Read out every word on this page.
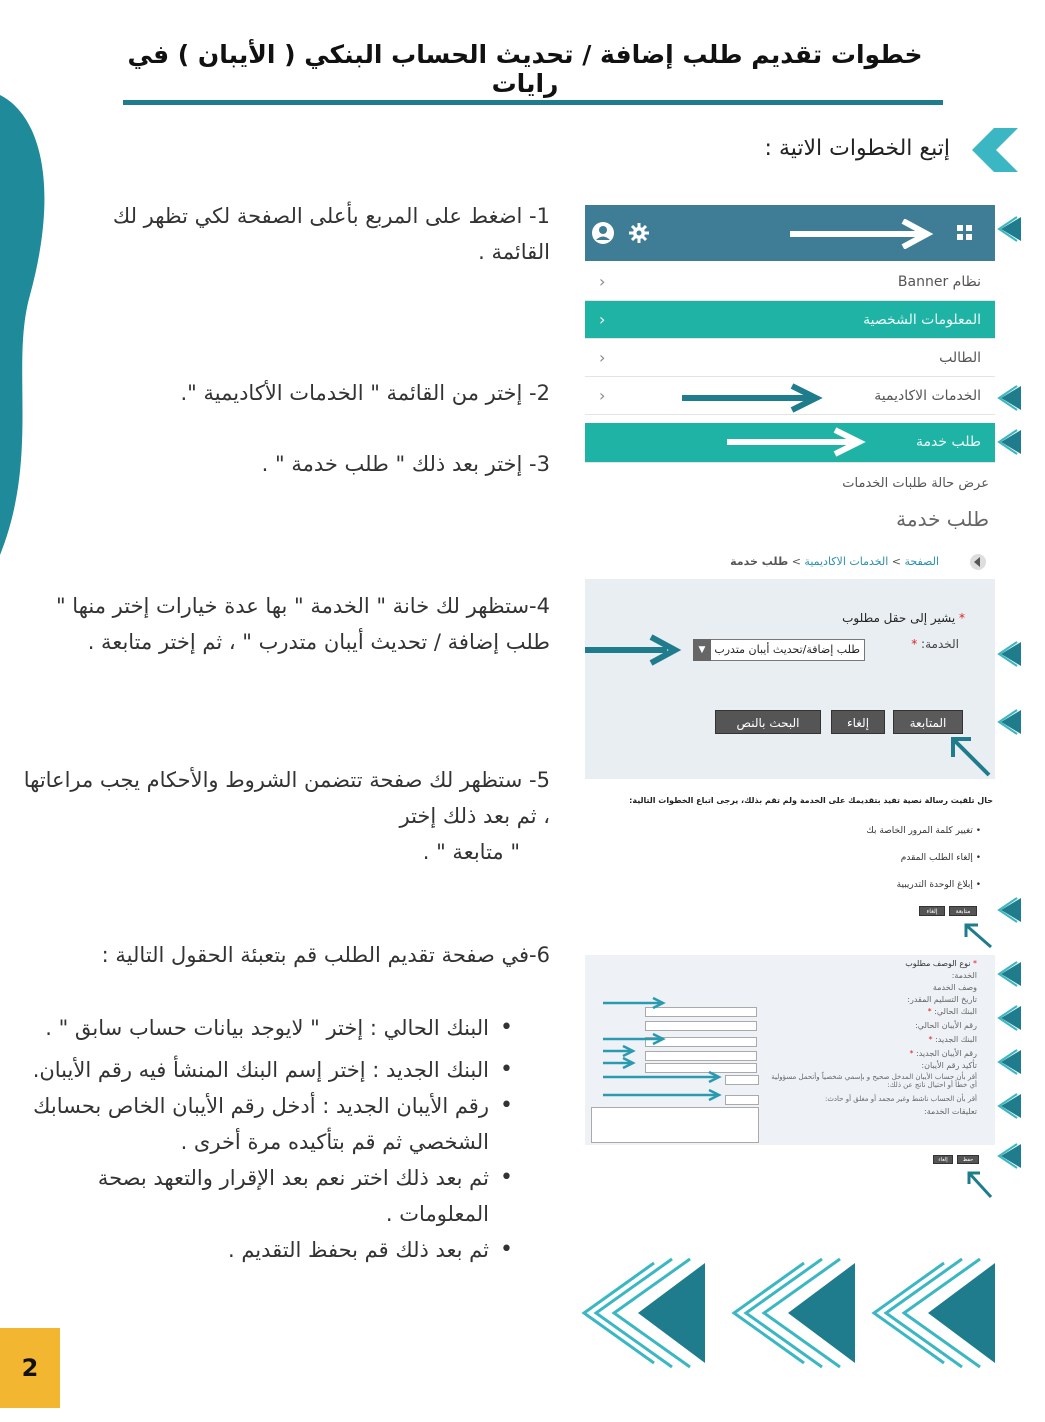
خطوات تقديم طلب إضافة / تحديث الحساب البنكي ( الأيبان ) في رايات
إتبع الخطوات الاتية :

1- اضغط على المربع بأعلى الصفحة لكي تظهر لك القائمة .

2- إختر من القائمة " الخدمات الأكاديمية ".

3- إختر بعد ذلك " طلب خدمة " .

4-ستظهر لك خانة " الخدمة " بها عدة خيارات إختر منها " طلب إضافة / تحديث أيبان متدرب " ، ثم إختر متابعة .

5- ستظهر لك صفحة تتضمن الشروط والأحكام يجب مراعاتها ، ثم بعد ذلك إختر

" متابعة " .

6-في صفحة تقديم الطلب قم بتعبئة الحقول التالية :

• البنك الحالي : إختر " لايوجد بيانات حساب سابق " .
• البنك الجديد : إختر إسم البنك المنشأ فيه رقم الأيبان.
• رقم الأيبان الجديد : أدخل رقم الأيبان الخاص بحسابك الشخصي ثم قم بتأكيده مرة أخرى .
• ثم بعد ذلك اختر نعم بعد الإقرار والتعهد بصحة المعلومات .
• ثم بعد ذلك قم بحفظ التقديم .
نظام Banner
‹
المعلومات الشخصية
‹
الطالب
‹
الخدمات الاكاديمية
‹
طلب خدمة
عرض حالة طلبات الخدمات
طلب خدمة
الصفحة > الخدمات الاكاديمية > طلب خدمة
* يشير إلى حقل مطلوب
الخدمة: *
طلب إضافة/تحديث أيبان متدرب
▼
المتابعة
إلغاء
البحث بالنص
حال تلقيت رسالة نصية تفيد بتقديمك على الخدمة ولم تقم بذلك، يرجى اتباع الخطوات التالية:
• تغيير كلمة المرور الخاصة بك
• إلغاء الطلب المقدم
• إبلاغ الوحدة التدريبية
متابعة
إلغاء
* نوع الوصف مطلوب
الخدمة:
وصف الخدمة
تاريخ التسليم المقدر:
البنك الحالي: *
رقم الأيبان الحالي:
البنك الجديد: *
رقم الأيبان الجديد: *
تأكيد رقم الأيبان:
أقر بأن حساب الأيبان المدخل صحيح و بإسمي شخصياً وأتحمل مسؤولية أي خطأ أو احتيال ناتج عن ذلك:
أقر بأن الحساب ناشط وغير مجمد أو مغلق أو حادث:
تعليقات الخدمة:
حفظ
إلغاء
2
